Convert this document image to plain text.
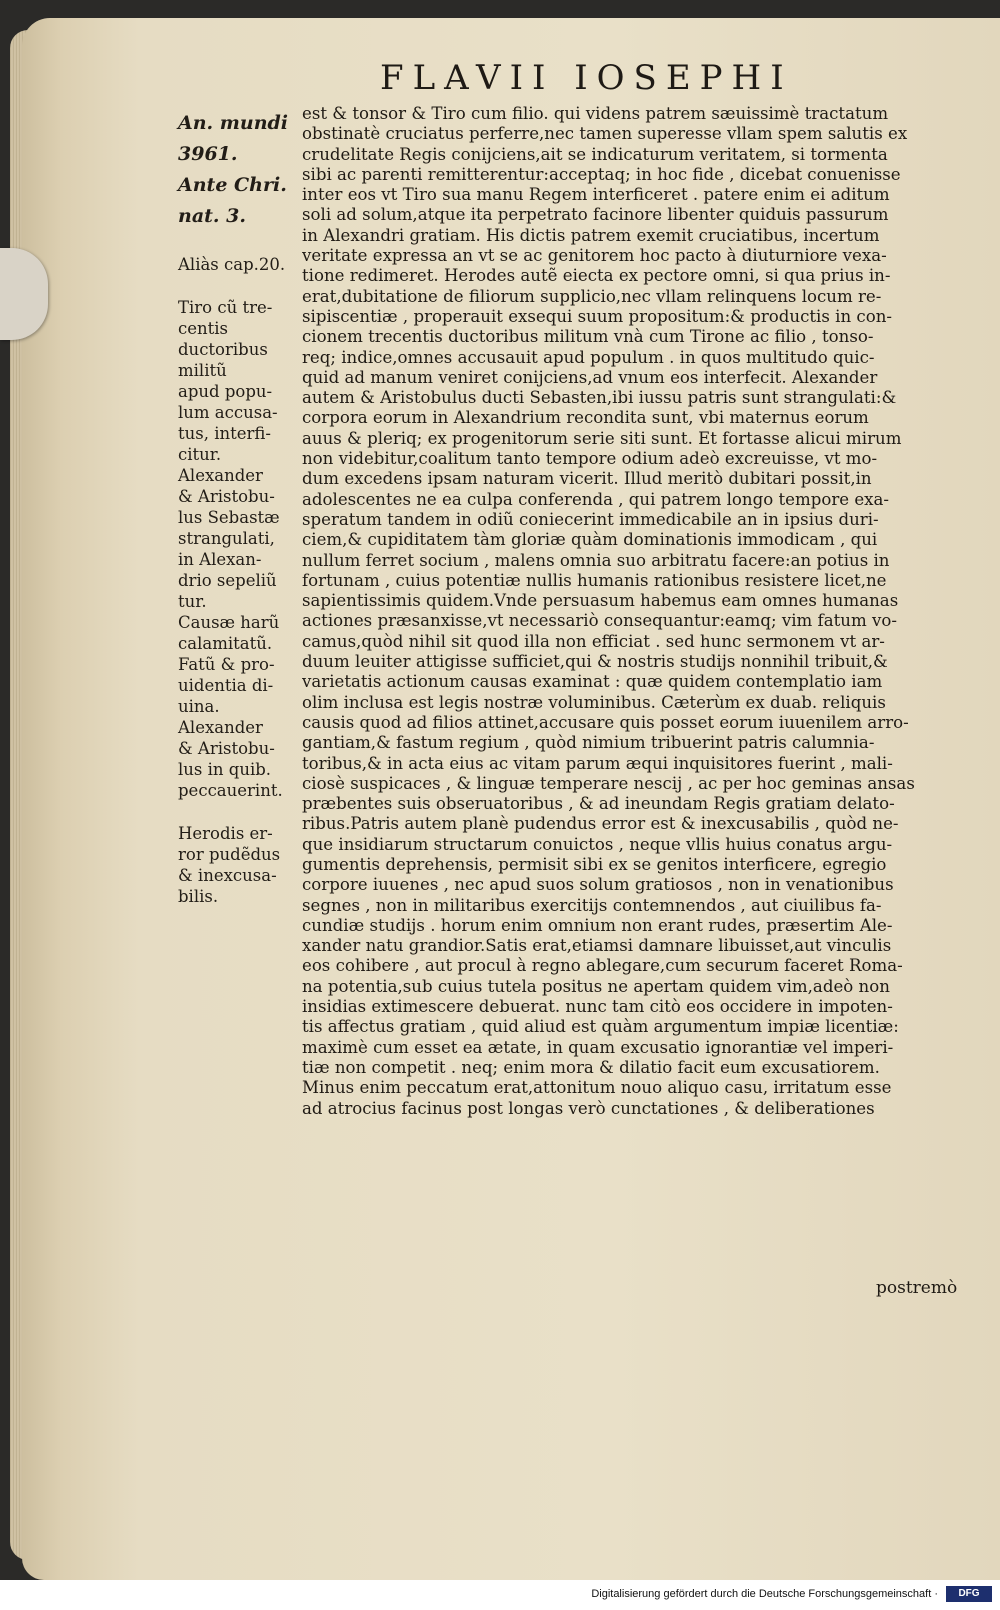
FLAVII IOSEPHI

An. mundi

3961.

Ante Chri.

nat. 3.

Aliàs cap.20.

Tiro cũ tre-

centis ductoribus militũ

apud popu-

lum accusa-

tus, interfi-

citur.

Alexander

& Aristobu-

lus Sebastæ

strangulati,

in Alexan-

drio sepeliũ

tur.

Causæ harũ

calamitatũ.

Fatũ & pro-

uidentia di-

uina.

Alexander

& Aristobu-

lus in quib.

peccauerint.

Herodis er-

ror pudẽdus

& inexcusa-

bilis.

est & tonsor & Tiro cum filio. qui videns patrem sæuissimè tractatum
obstinatè cruciatus perferre,nec tamen superesse vllam spem salutis ex
crudelitate Regis conijciens,ait se indicaturum veritatem, si tormenta
sibi ac parenti remitterentur:acceptaq; in hoc fide , dicebat conuenisse
inter eos vt Tiro sua manu Regem interficeret . patere enim ei aditum
soli ad solum,atque ita perpetrato facinore libenter quiduis passurum
in Alexandri gratiam. His dictis patrem exemit cruciatibus, incertum
veritate expressa an vt se ac genitorem hoc pacto à diuturniore vexa-
tione redimeret. Herodes autẽ eiecta ex pectore omni, si qua prius in-
erat,dubitatione de filiorum supplicio,nec vllam relinquens locum re-
sipiscentiæ , properauit exsequi suum propositum:& productis in con-
cionem trecentis ductoribus militum vnà cum Tirone ac filio , tonso-
req; indice,omnes accusauit apud populum . in quos multitudo quic-
quid ad manum veniret conijciens,ad vnum eos interfecit. Alexander
autem & Aristobulus ducti Sebasten,ibi iussu patris sunt strangulati:&
corpora eorum in Alexandrium recondita sunt, vbi maternus eorum
auus & pleriq; ex progenitorum serie siti sunt. Et fortasse alicui mirum
non videbitur,coalitum tanto tempore odium adeò excreuisse, vt mo-
dum excedens ipsam naturam vicerit. Illud meritò dubitari possit,in
adolescentes ne ea culpa conferenda , qui patrem longo tempore exa-
speratum tandem in odiũ coniecerint immedicabile an in ipsius duri-
ciem,& cupiditatem tàm gloriæ quàm dominationis immodicam , qui
nullum ferret socium , malens omnia suo arbitratu facere:an potius in
fortunam , cuius potentiæ nullis humanis rationibus resistere licet,ne
sapientissimis quidem.Vnde persuasum habemus eam omnes humanas
actiones præsanxisse,vt necessariò consequantur:eamq; vim fatum vo-
camus,quòd nihil sit quod illa non efficiat . sed hunc sermonem vt ar-
duum leuiter attigisse sufficiet,qui & nostris studijs nonnihil tribuit,&
varietatis actionum causas examinat : quæ quidem contemplatio iam
olim inclusa est legis nostræ voluminibus. Cæterùm ex duab. reliquis
causis quod ad filios attinet,accusare quis posset eorum iuuenilem arro-
gantiam,& fastum regium , quòd nimium tribuerint patris calumnia-
toribus,& in acta eius ac vitam parum æqui inquisitores fuerint , mali-
ciosè suspicaces , & linguæ temperare nescij , ac per hoc geminas ansas
præbentes suis obseruatoribus , & ad ineundam Regis gratiam delato-
ribus.Patris autem planè pudendus error est & inexcusabilis , quòd ne-
que insidiarum structarum conuictos , neque vllis huius conatus argu-
gumentis deprehensis, permisit sibi ex se genitos interficere, egregio
corpore iuuenes , nec apud suos solum gratiosos , non in venationibus
segnes , non in militaribus exercitijs contemnendos , aut ciuilibus fa-
cundiæ studijs . horum enim omnium non erant rudes, præsertim Ale-
xander natu grandior.Satis erat,etiamsi damnare libuisset,aut vinculis
eos cohibere , aut procul à regno ablegare,cum securum faceret Roma-
na potentia,sub cuius tutela positus ne apertam quidem vim,adeò non
insidias extimescere debuerat. nunc tam citò eos occidere in impoten-
tis affectus gratiam , quid aliud est quàm argumentum impiæ licentiæ:
maximè cum esset ea ætate, in quam excusatio ignorantiæ vel imperi-
tiæ non competit . neq; enim mora & dilatio facit eum excusatiorem.
Minus enim peccatum erat,attonitum nouo aliquo casu, irritatum esse
ad atrocius facinus post longas verò cunctationes , & deliberationes
postremò
Digitalisierung gefördert durch die Deutsche Forschungsgemeinschaft ·	DFG
